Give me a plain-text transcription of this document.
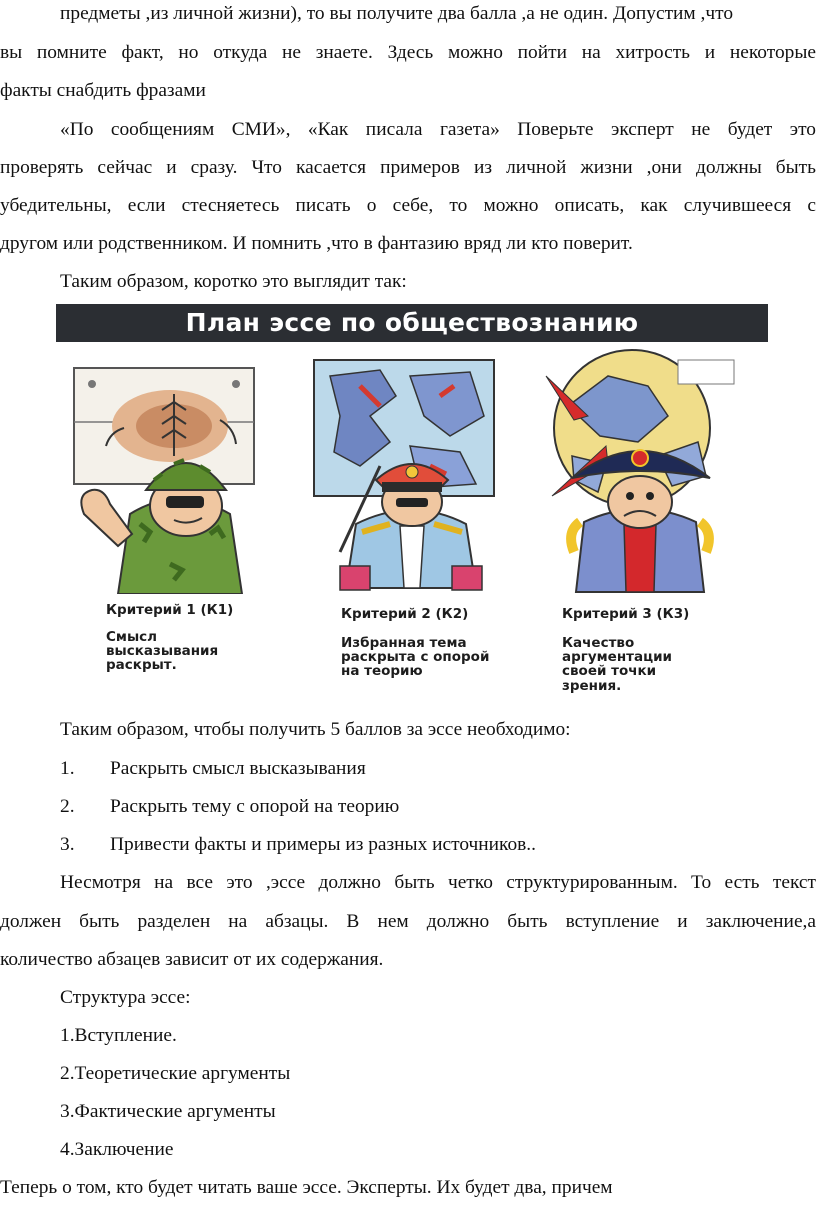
предметы ,из личной жизни), то вы получите два балла ,а не один. Допустим ,что
вы помните факт, но откуда не знаете. Здесь можно пойти на хитрость и некоторые
факты снабдить фразами
«По сообщениям СМИ», «Как писала газета» Поверьте эксперт не будет это
проверять сейчас и сразу. Что касается примеров из личной жизни ,они должны быть
убедительны, если стесняетесь писать о себе, то можно описать, как случившееся с
другом или родственником. И помнить ,что в фантазию вряд ли кто поверит.
Таким образом, коротко это выглядит так:
План эссе по обществознанию
Критерий 1 (К1)
Смысл
высказывания
раскрыт.
Критерий 2 (К2)
Избранная тема
раскрыта с опорой
на теорию
Критерий 3 (К3)
Качество
аргументации
своей точки
зрения.
Таким образом, чтобы получить 5 баллов за эссе необходимо:
1.	Раскрыть смысл высказывания
2.	Раскрыть тему с опорой на теорию
3.	Привести факты и примеры из разных источников..
Несмотря на все это ,эссе должно быть четко структурированным. То есть текст
должен быть разделен на абзацы. В нем должно быть вступление и заключение,а
количество абзацев зависит от их содержания.
Структура эссе:
1.Вступление.
2.Теоретические аргументы
3.Фактические аргументы
4.Заключение
Теперь о том, кто будет читать ваше эссе. Эксперты. Их будет два, причем
